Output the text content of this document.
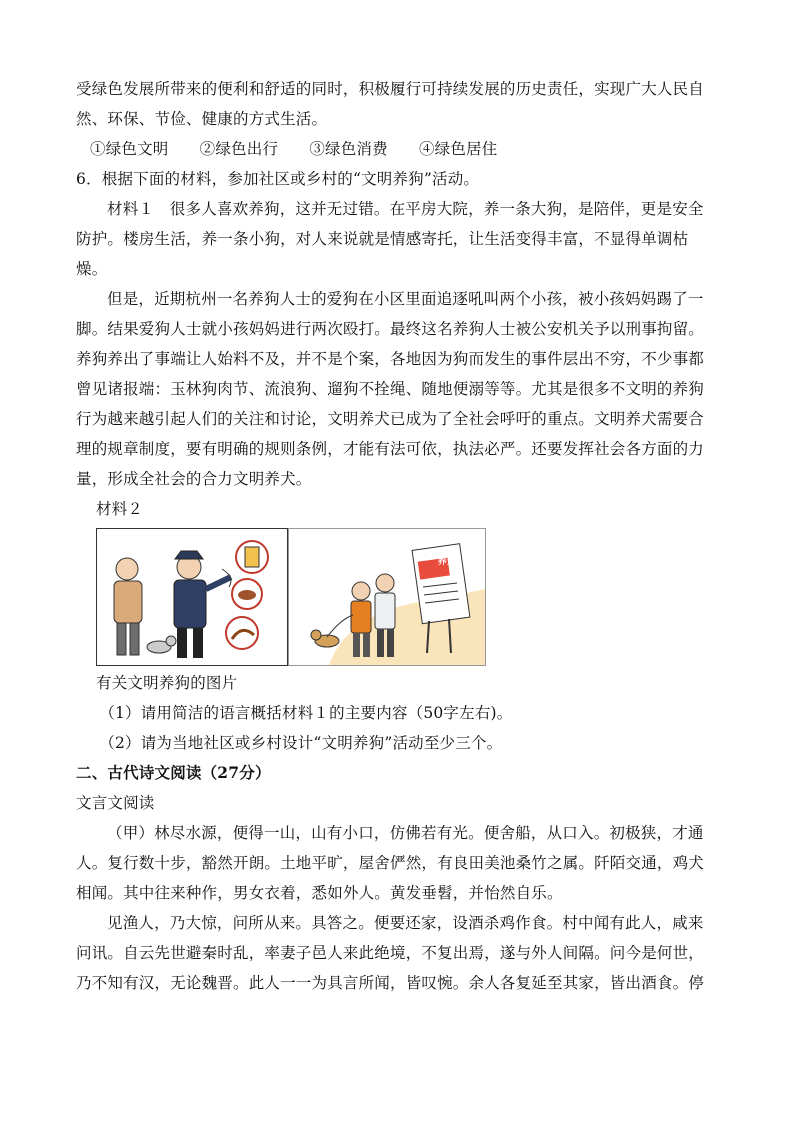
受绿色发展所带来的便利和舒适的同时，积极履行可持续发展的历史责任，实现广大人民自然、环保、节俭、健康的方式生活。

①绿色文明 ②绿色出行 ③绿色消费 ④绿色居住

6．根据下面的材料，参加社区或乡村的“文明养狗”活动。

材料１　很多人喜欢养狗，这并无过错。在平房大院，养一条大狗，是陪伴，更是安全防护。楼房生活，养一条小狗，对人来说就是情感寄托，让生活变得丰富，不显得单调枯燥。

但是，近期杭州一名养狗人士的爱狗在小区里面追逐吼叫两个小孩，被小孩妈妈踢了一脚。结果爱狗人士就小孩妈妈进行两次殴打。最终这名养狗人士被公安机关予以刑事拘留。养狗养出了事端让人始料不及，并不是个案，各地因为狗而发生的事件层出不穷，不少事都曾见诸报端：玉林狗肉节、流浪狗、遛狗不拴绳、随地便溺等等。尤其是很多不文明的养狗行为越来越引起人们的关注和讨论，文明养犬已成为了全社会呼吁的重点。文明养犬需要合理的规章制度，要有明确的规则条例，才能有法可依，执法必严。还要发挥社会各方面的力量，形成全社会的合力文明养犬。

材料２

养犬

有关文明养狗的图片

（1）请用简洁的语言概括材料１的主要内容（50字左右)。

（2）请为当地社区或乡村设计“文明养狗”活动至少三个。

二、古代诗文阅读（27分）

文言文阅读

（甲）林尽水源，便得一山，山有小口，仿佛若有光。便舍船，从口入。初极狭，才通人。复行数十步，豁然开朗。土地平旷，屋舍俨然，有良田美池桑竹之属。阡陌交通，鸡犬相闻。其中往来种作，男女衣着，悉如外人。黄发垂髫，并怡然自乐。

见渔人，乃大惊，问所从来。具答之。便要还家，设酒杀鸡作食。村中闻有此人，咸来问讯。自云先世避秦时乱，率妻子邑人来此绝境，不复出焉，遂与外人间隔。问今是何世，乃不知有汉，无论魏晋。此人一一为具言所闻，皆叹惋。余人各复延至其家，皆出酒食。停
